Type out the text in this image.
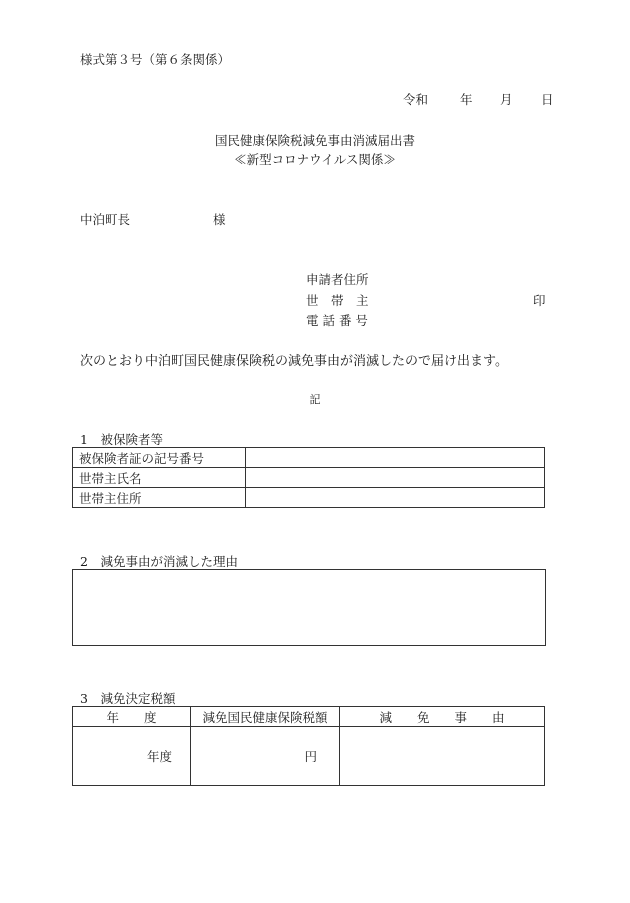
様式第３号（第６条関係）
令和	年 月 日
国民健康保険税減免事由消滅届出書
≪新型コロナウイルス関係≫
中泊町長	様
申請者住所
世　帯　主	印
電 話 番 号
次のとおり中泊町国民健康保険税の減免事由が消滅したので届け出ます。
記
1　被保険者等
被保険者証の記号番号	
世帯主氏名	
世帯主住所	
2　減免事由が消滅した理由
3　減免決定税額
年　　度	減免国民健康保険税額	減　　免　　事　　由
年度	円	
